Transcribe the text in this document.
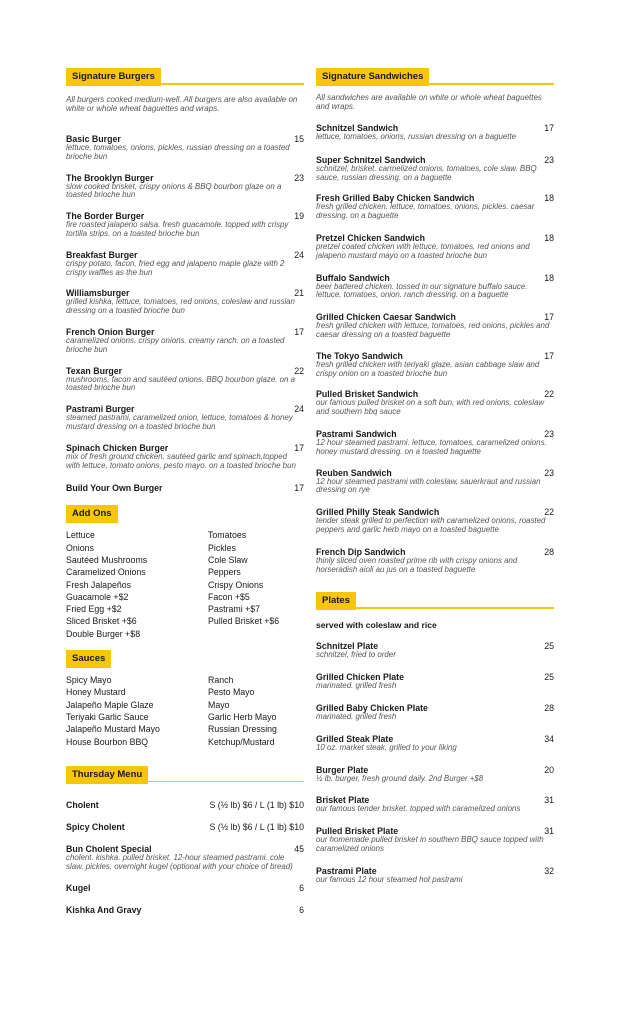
Signature Burgers
All burgers cooked medium-well. All burgers are also available on white or whole wheat baguettes and wraps.
Basic Burger	15
lettuce, tomatoes, onions, pickles, russian dressing on a toasted brioche bun
The Brooklyn Burger	23
slow cooked brisket, crispy onions & BBQ bourbon glaze on a toasted brioche bun
The Border Burger	19
fire roasted jalapeno salsa. fresh guacamole. topped with crispy tortilla strips. on a toasted brioche bun
Breakfast Burger	24
crispy potato, facon, fried egg and jalapeno maple glaze with 2 crispy waffles as the bun
Williamsburger	21
grilled kishka, lettuce, tomatoes, red onions, coleslaw and russian dressing on a toasted brioche bun
French Onion Burger	17
caramelized onions. crispy onions. creamy ranch. on a toasted brioche bun
Texan Burger	22
mushrooms, facon and sautéed onions. BBQ bourbon glaze. on a toasted brioche bun
Pastrami Burger	24
steamed pastrami, caramelized onion, lettuce, tomatoes & honey mustard dressing on a toasted brioche bun
Spinach Chicken Burger	17
mix of fresh ground chicken, sautéed garlic and spinach,topped with lettuce, tomato onions, pesto mayo. on a toasted brioche bun
Build Your Own Burger	17
Add Ons
Lettuce	Tomatoes
Onions	Pickles
Sautéed Mushrooms	Cole Slaw
Caramelized Onions	Peppers
Fresh Jalapeños	Crispy Onions
Guacamole +$2	Facon +$5
Fried Egg +$2	Pastrami +$7
Sliced Brisket +$6	Pulled Brisket +$6
Double Burger +$8
Sauces
Spicy Mayo	Ranch
Honey Mustard	Pesto Mayo
Jalapeño Maple Glaze	Mayo
Teriyaki Garlic Sauce	Garlic Herb Mayo
Jalapeño Mustard Mayo	Russian Dressing
House Bourbon BBQ	Ketchup/Mustard
Thursday Menu
Cholent	S (½ lb) $6 / L (1 lb) $10
Spicy Cholent	S (½ lb) $6 / L (1 lb) $10
Bun Cholent Special	45
cholent. kishka. pulled brisket. 12-hour steamed pastrami. cole slaw. pickles. overnight kugel (optional with your choice of bread)
Kugel	6
Kishka And Gravy	6
Signature Sandwiches
All sandwiches are available on white or whole wheat baguettes and wraps.
Schnitzel Sandwich	17
lettuce, tomatoes, onions, russian dressing on a baguette
Super Schnitzel Sandwich	23
schnitzel, brisket. carmelized onions, tomatoes, cole slaw. BBQ sauce, russian dressing. on a baguette
Fresh Grilled Baby Chicken Sandwich	18
fresh grilled chicken. lettuce, tomatoes, onions, pickles. caesar dressing. on a baguette
Pretzel Chicken Sandwich	18
pretzel coated chicken with lettuce, tomatoes, red onions and jalapeno mustard mayo on a toasted brioche bun
Buffalo Sandwich	18
beer battered chicken. tossed in our signature buffalo sauce. lettuce, tomatoes, onion. ranch dressing. on a baguette
Grilled Chicken Caesar Sandwich	17
fresh grilled chicken with lettuce, tomatoes, red onions, pickles and caesar dressing on a toasted baguette
The Tokyo Sandwich	17
fresh grilled chicken with teriyaki glaze, asian cabbage slaw and crispy onion on a toasted brioche bun
Pulled Brisket Sandwich	22
our famous pulled brisket on a soft bun, with red onions, coleslaw and southern bbq sauce
Pastrami Sandwich	23
12 hour steamed pastrami. lettuce, tomatoes, caramelized onions. honey mustard dressing. on a toasted baguette
Reuben Sandwich	23
12 hour steamed pastrami with coleslaw, sauerkraut and russian dressing on rye
Grilled Philly Steak Sandwich	22
tender steak grilled to perfection with caramelized onions, roasted peppers and garlic herb mayo on a toasted baguette
French Dip Sandwich	28
thinly sliced oven roasted prime rib with crispy onions and horseradish aioli au jus on a toasted baguette
Plates
served with coleslaw and rice
Schnitzel Plate	25
schnitzel, fried to order
Grilled Chicken Plate	25
marinated. grilled fresh
Grilled Baby Chicken Plate	28
marinated. grilled fresh
Grilled Steak Plate	34
10 oz. market steak, grilled to your liking
Burger Plate	20
½ lb. burger, fresh ground daily. 2nd Burger +$8
Brisket Plate	31
our famous tender brisket. topped with caramelized onions
Pulled Brisket Plate	31
our homemade pulled brisket in southern BBQ sauce topped with caramelized onions
Pastrami Plate	32
our famous 12 hour steamed hot pastrami
